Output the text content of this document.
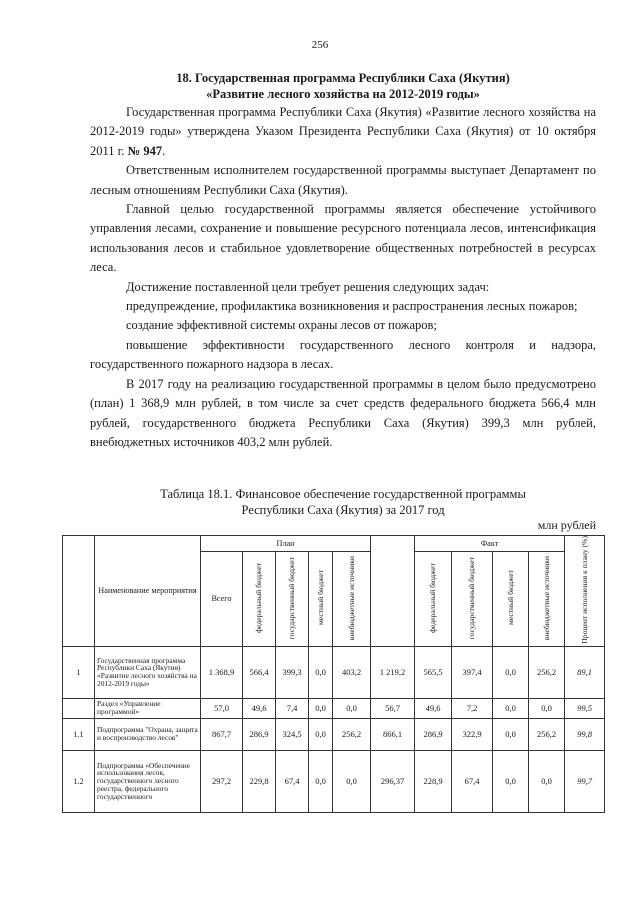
256
18. Государственная программа Республики Саха (Якутия)
«Развитие лесного хозяйства на 2012-2019 годы»

Государственная программа Республики Саха (Якутия) «Развитие лесного хозяйства на 2012-2019 годы» утверждена Указом Президента Республики Саха (Якутия) от 10 октября 2011 г. № 947.

Ответственным исполнителем государственной программы выступает Департамент по лесным отношениям Республики Саха (Якутия).

Главной целью государственной программы является обеспечение устойчивого управления лесами, сохранение и повышение ресурсного потенциала лесов, интенсификация использования лесов и стабильное удовлетворение общественных потребностей в ресурсах леса.

Достижение поставленной цели требует решения следующих задач:

предупреждение, профилактика возникновения и распространения лесных пожаров;

создание эффективной системы охраны лесов от пожаров;

повышение эффективности государственного лесного контроля и надзора, государственного пожарного надзора в лесах.

В 2017 году на реализацию государственной программы в целом было предусмотрено (план) 1 368,9 млн рублей, в том числе за счет средств федерального бюджета 566,4 млн рублей, государственного бюджета Республики Саха (Якутия) 399,3 млн рублей, внебюджетных источников 403,2 млн рублей.

Таблица 18.1. Финансовое обеспечение государственной программы
Республики Саха (Якутия) за 2017 год
млн рублей
	Наименование мероприятия	План						Факт				Процент исполнения к плану (%)
		Всего	федеральный бюджет	государственный бюджет	местный бюджет	внебюджетные источники		федеральный бюджет	государственный бюджет	местный бюджет	внебюджетные источники	
1	Государственная программа Республики Саха (Якутия) «Развитие лесного хозяйства на 2012-2019 годы»	1 368,9	566,4	399,3	0,0	403,2	1 219,2	565,5	397,4	0,0	256,2	89,1
	Раздел «Управление программой»	57,0	49,6	7,4	0,0	0,0	56,7	49,6	7,2	0,0	0,0	99,5
1.1	Подпрограмма "Охрана, защита и воспроизводство лесов"	867,7	286,9	324,5	0,0	256,2	866,1	286,9	322,9	0,0	256,2	99,8
1.2	Подпрограмма «Обеспечение использования лесов, государственного лесного реестра, федерального государственного	297,2	229,8	67,4	0,0	0,0	296,37	228,9	67,4	0,0	0,0	99,7
